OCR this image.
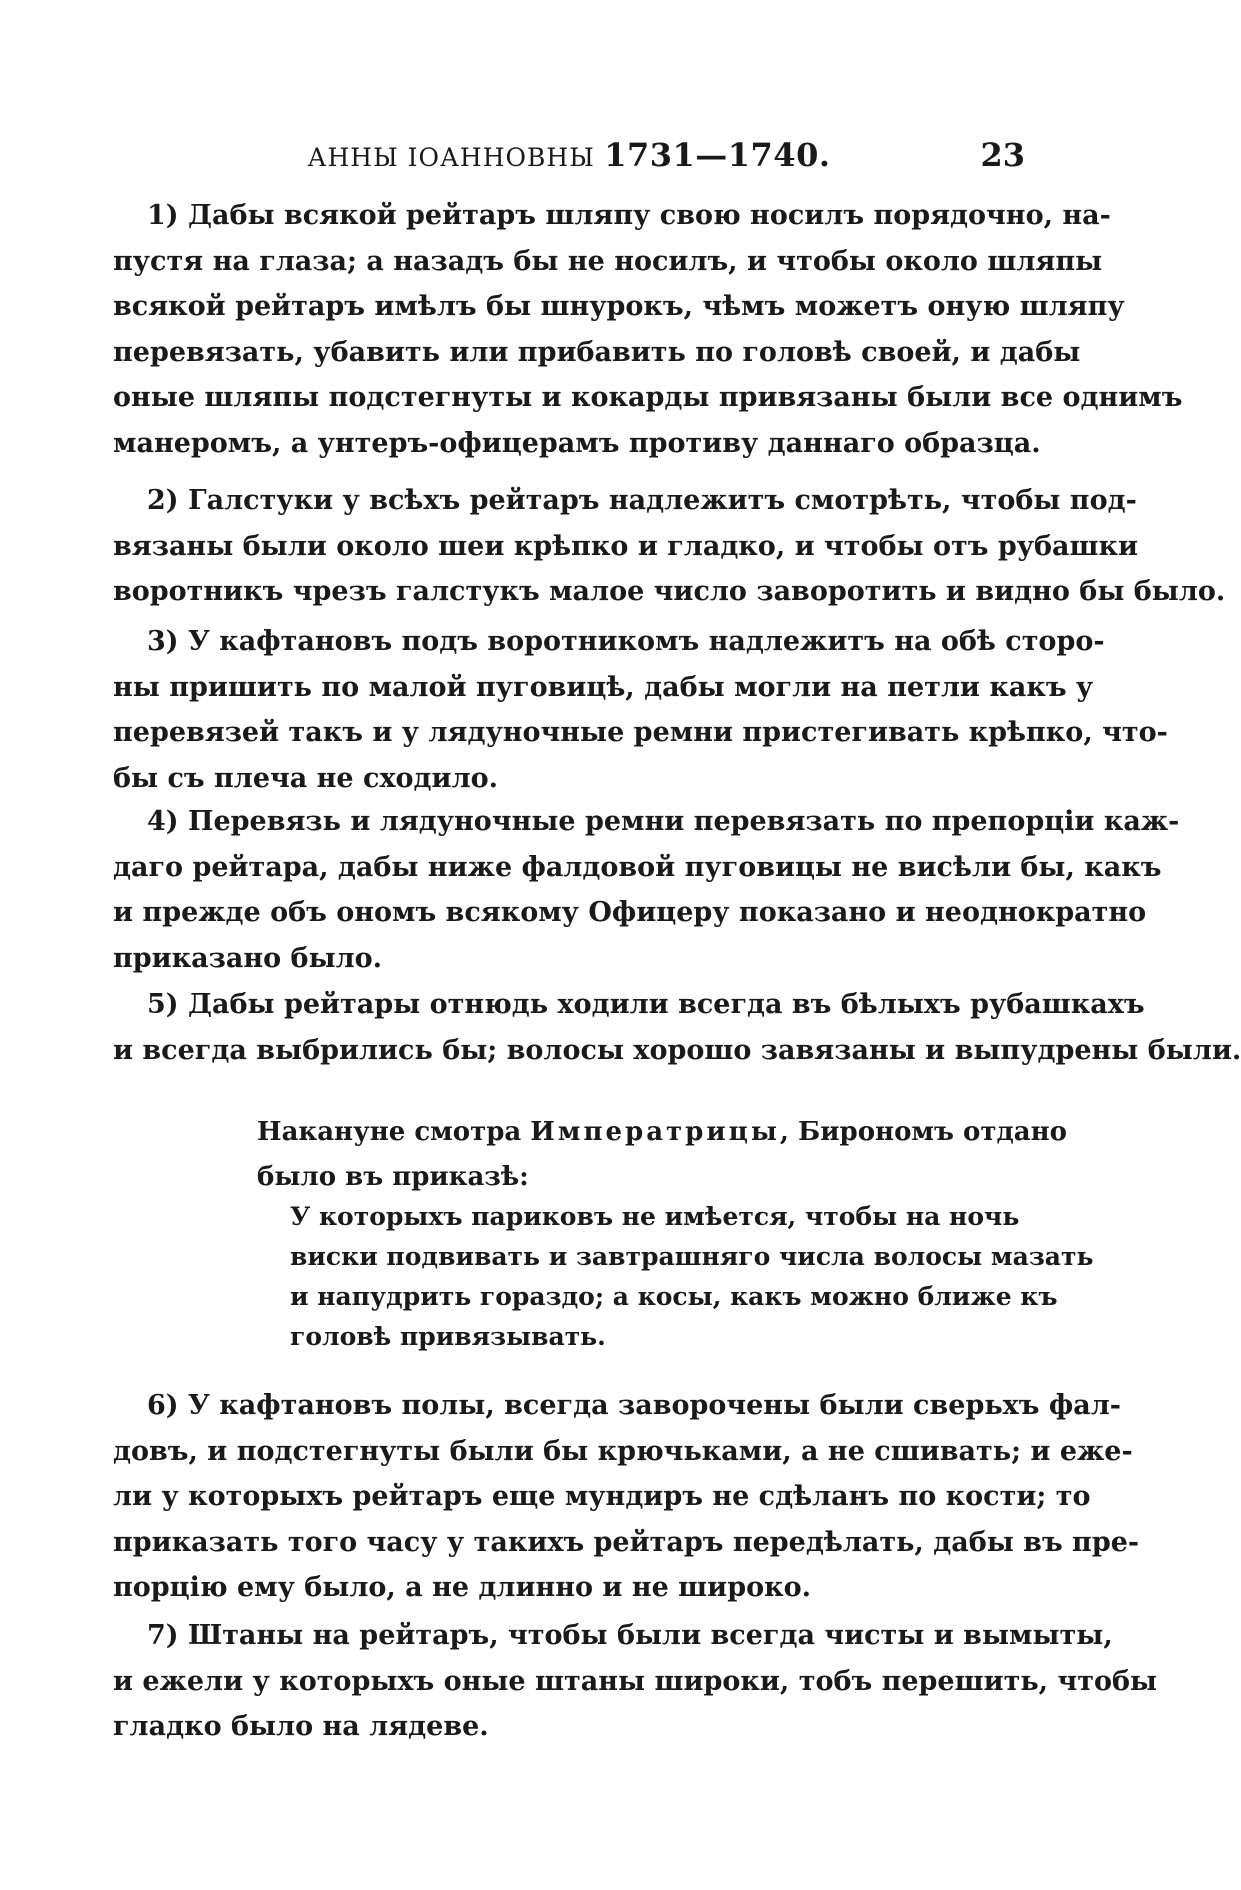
АННЫ ІОАННОВНЫ 1731—1740.	23
1) Дабы всякой рейтаръ шляпу свою носилъ порядочно, на-
пустя на глаза; а назадъ бы не носилъ, и чтобы около шляпы
всякой рейтаръ имѣлъ бы шнурокъ, чѣмъ можетъ оную шляпу
перевязать, убавить или прибавить по головѣ своей, и дабы
оные шляпы подстегнуты и кокарды привязаны были все однимъ
манеромъ, а унтеръ-офицерамъ противу даннаго образца.
2) Галстуки у всѣхъ рейтаръ надлежитъ смотрѣть, чтобы под-
вязаны были около шеи крѣпко и гладко, и чтобы отъ рубашки
воротникъ чрезъ галстукъ малое число заворотить и видно бы было.
3) У кафтановъ подъ воротникомъ надлежитъ на обѣ сторо-
ны пришить по малой пуговицѣ, дабы могли на петли какъ у
перевязей такъ и у лядуночные ремни пристегивать крѣпко, что-
бы съ плеча не сходило.
4) Перевязь и лядуночные ремни перевязать по препорціи каж-
даго рейтара, дабы ниже фалдовой пуговицы не висѣли бы, какъ
и прежде объ ономъ всякому Офицеру показано и неоднократно
приказано было.
5) Дабы рейтары отнюдь ходили всегда въ бѣлыхъ рубашкахъ
и всегда выбрились бы; волосы хорошо завязаны и выпудрены были.
Накануне смотра Императрицы, Бирономъ отдано
было въ приказѣ:
У которыхъ париковъ не имѣется, чтобы на ночь
виски подвивать и завтрашняго числа волосы мазать
и напудрить гораздо; а косы, какъ можно ближе къ
головѣ привязывать.
6) У кафтановъ полы, всегда заворочены были сверьхъ фал-
довъ, и подстегнуты были бы крючьками, а не сшивать; и еже-
ли у которыхъ рейтаръ еще мундиръ не сдѣланъ по кости; то
приказать того часу у такихъ рейтаръ передѣлать, дабы въ пре-
порцію ему было, а не длинно и не широко.
7) Штаны на рейтаръ, чтобы были всегда чисты и вымыты,
и ежели у которыхъ оные штаны широки, тобъ перешить, чтобы
гладко было на лядеве.
